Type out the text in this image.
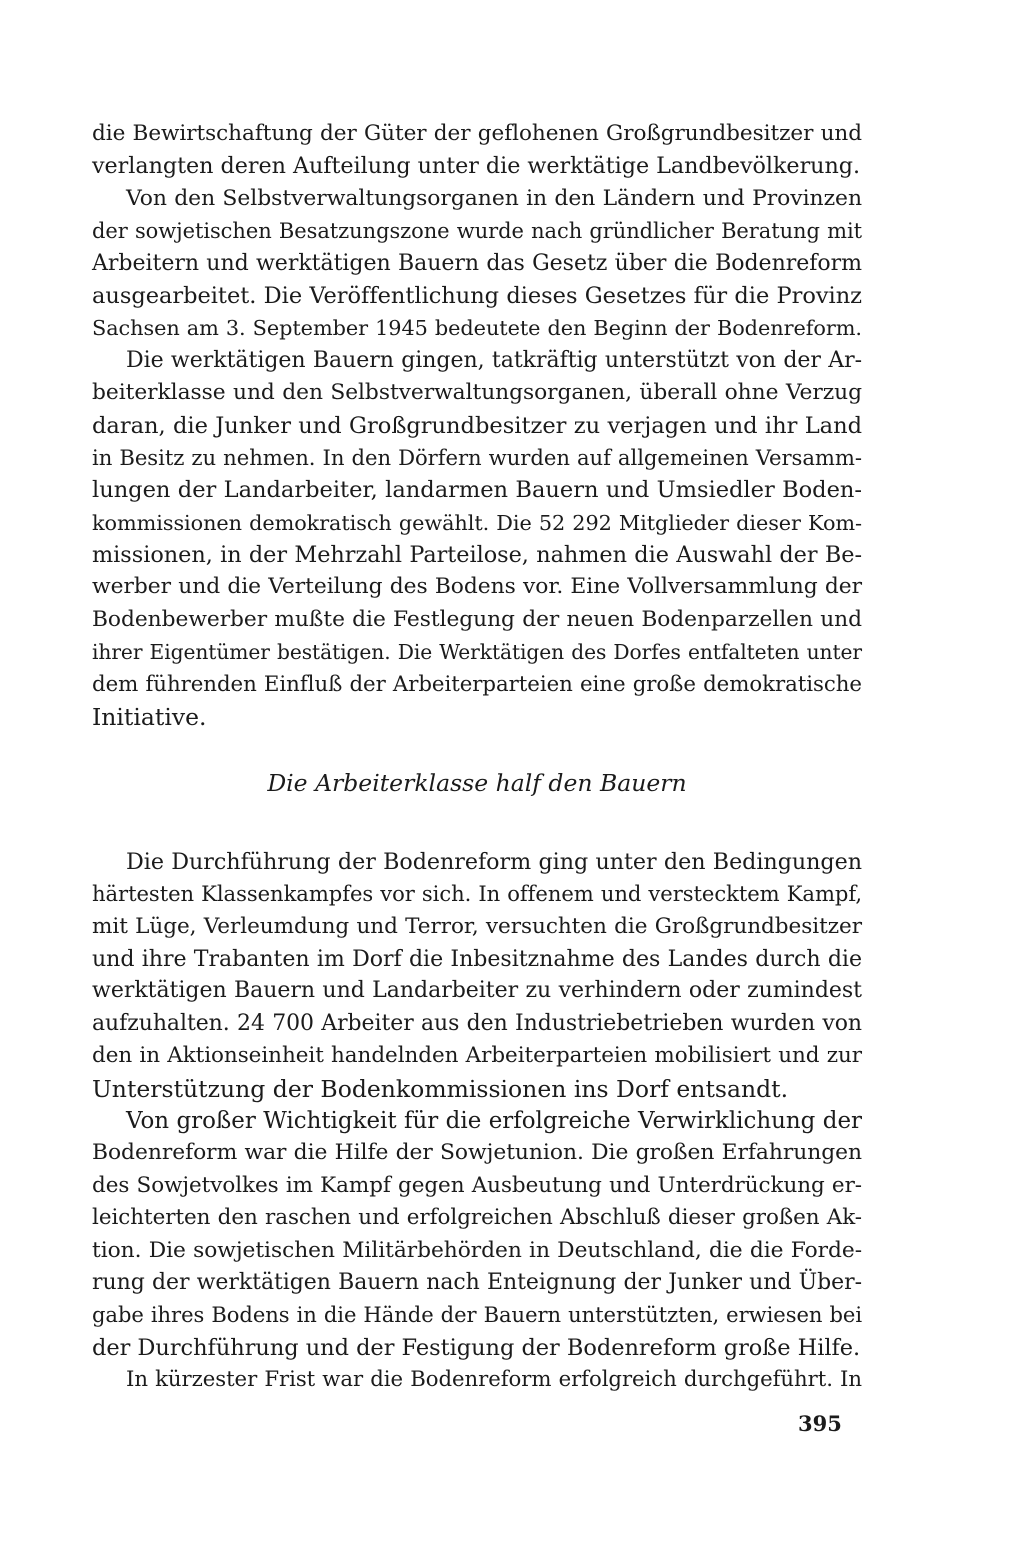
die Bewirtschaftung der Güter der geflohenen Großgrundbesitzer und
verlangten deren Aufteilung unter die werktätige Landbevölkerung.
Von den Selbstverwaltungsorganen in den Ländern und Provinzen
der sowjetischen Besatzungszone wurde nach gründlicher Beratung mit
Arbeitern und werktätigen Bauern das Gesetz über die Bodenreform
ausgearbeitet. Die Veröffentlichung dieses Gesetzes für die Provinz
Sachsen am 3. September 1945 bedeutete den Beginn der Bodenreform.
Die werktätigen Bauern gingen, tatkräftig unterstützt von der Ar-
beiterklasse und den Selbstverwaltungsorganen, überall ohne Verzug
daran, die Junker und Großgrundbesitzer zu verjagen und ihr Land
in Besitz zu nehmen. In den Dörfern wurden auf allgemeinen Versamm-
lungen der Landarbeiter, landarmen Bauern und Umsiedler Boden-
kommissionen demokratisch gewählt. Die 52 292 Mitglieder dieser Kom-
missionen, in der Mehrzahl Parteilose, nahmen die Auswahl der Be-
werber und die Verteilung des Bodens vor. Eine Vollversammlung der
Bodenbewerber mußte die Festlegung der neuen Bodenparzellen und
ihrer Eigentümer bestätigen. Die Werktätigen des Dorfes entfalteten unter
dem führenden Einfluß der Arbeiterparteien eine große demokratische
Initiative.
Die Arbeiterklasse half den Bauern
Die Durchführung der Bodenreform ging unter den Bedingungen
härtesten Klassenkampfes vor sich. In offenem und verstecktem Kampf,
mit Lüge, Verleumdung und Terror, versuchten die Großgrundbesitzer
und ihre Trabanten im Dorf die Inbesitznahme des Landes durch die
werktätigen Bauern und Landarbeiter zu verhindern oder zumindest
aufzuhalten. 24 700 Arbeiter aus den Industriebetrieben wurden von
den in Aktionseinheit handelnden Arbeiterparteien mobilisiert und zur
Unterstützung der Bodenkommissionen ins Dorf entsandt.
Von großer Wichtigkeit für die erfolgreiche Verwirklichung der
Bodenreform war die Hilfe der Sowjetunion. Die großen Erfahrungen
des Sowjetvolkes im Kampf gegen Ausbeutung und Unterdrückung er-
leichterten den raschen und erfolgreichen Abschluß dieser großen Ak-
tion. Die sowjetischen Militärbehörden in Deutschland, die die Forde-
rung der werktätigen Bauern nach Enteignung der Junker und Über-
gabe ihres Bodens in die Hände der Bauern unterstützten, erwiesen bei
der Durchführung und der Festigung der Bodenreform große Hilfe.
In kürzester Frist war die Bodenreform erfolgreich durchgeführt. In
395
